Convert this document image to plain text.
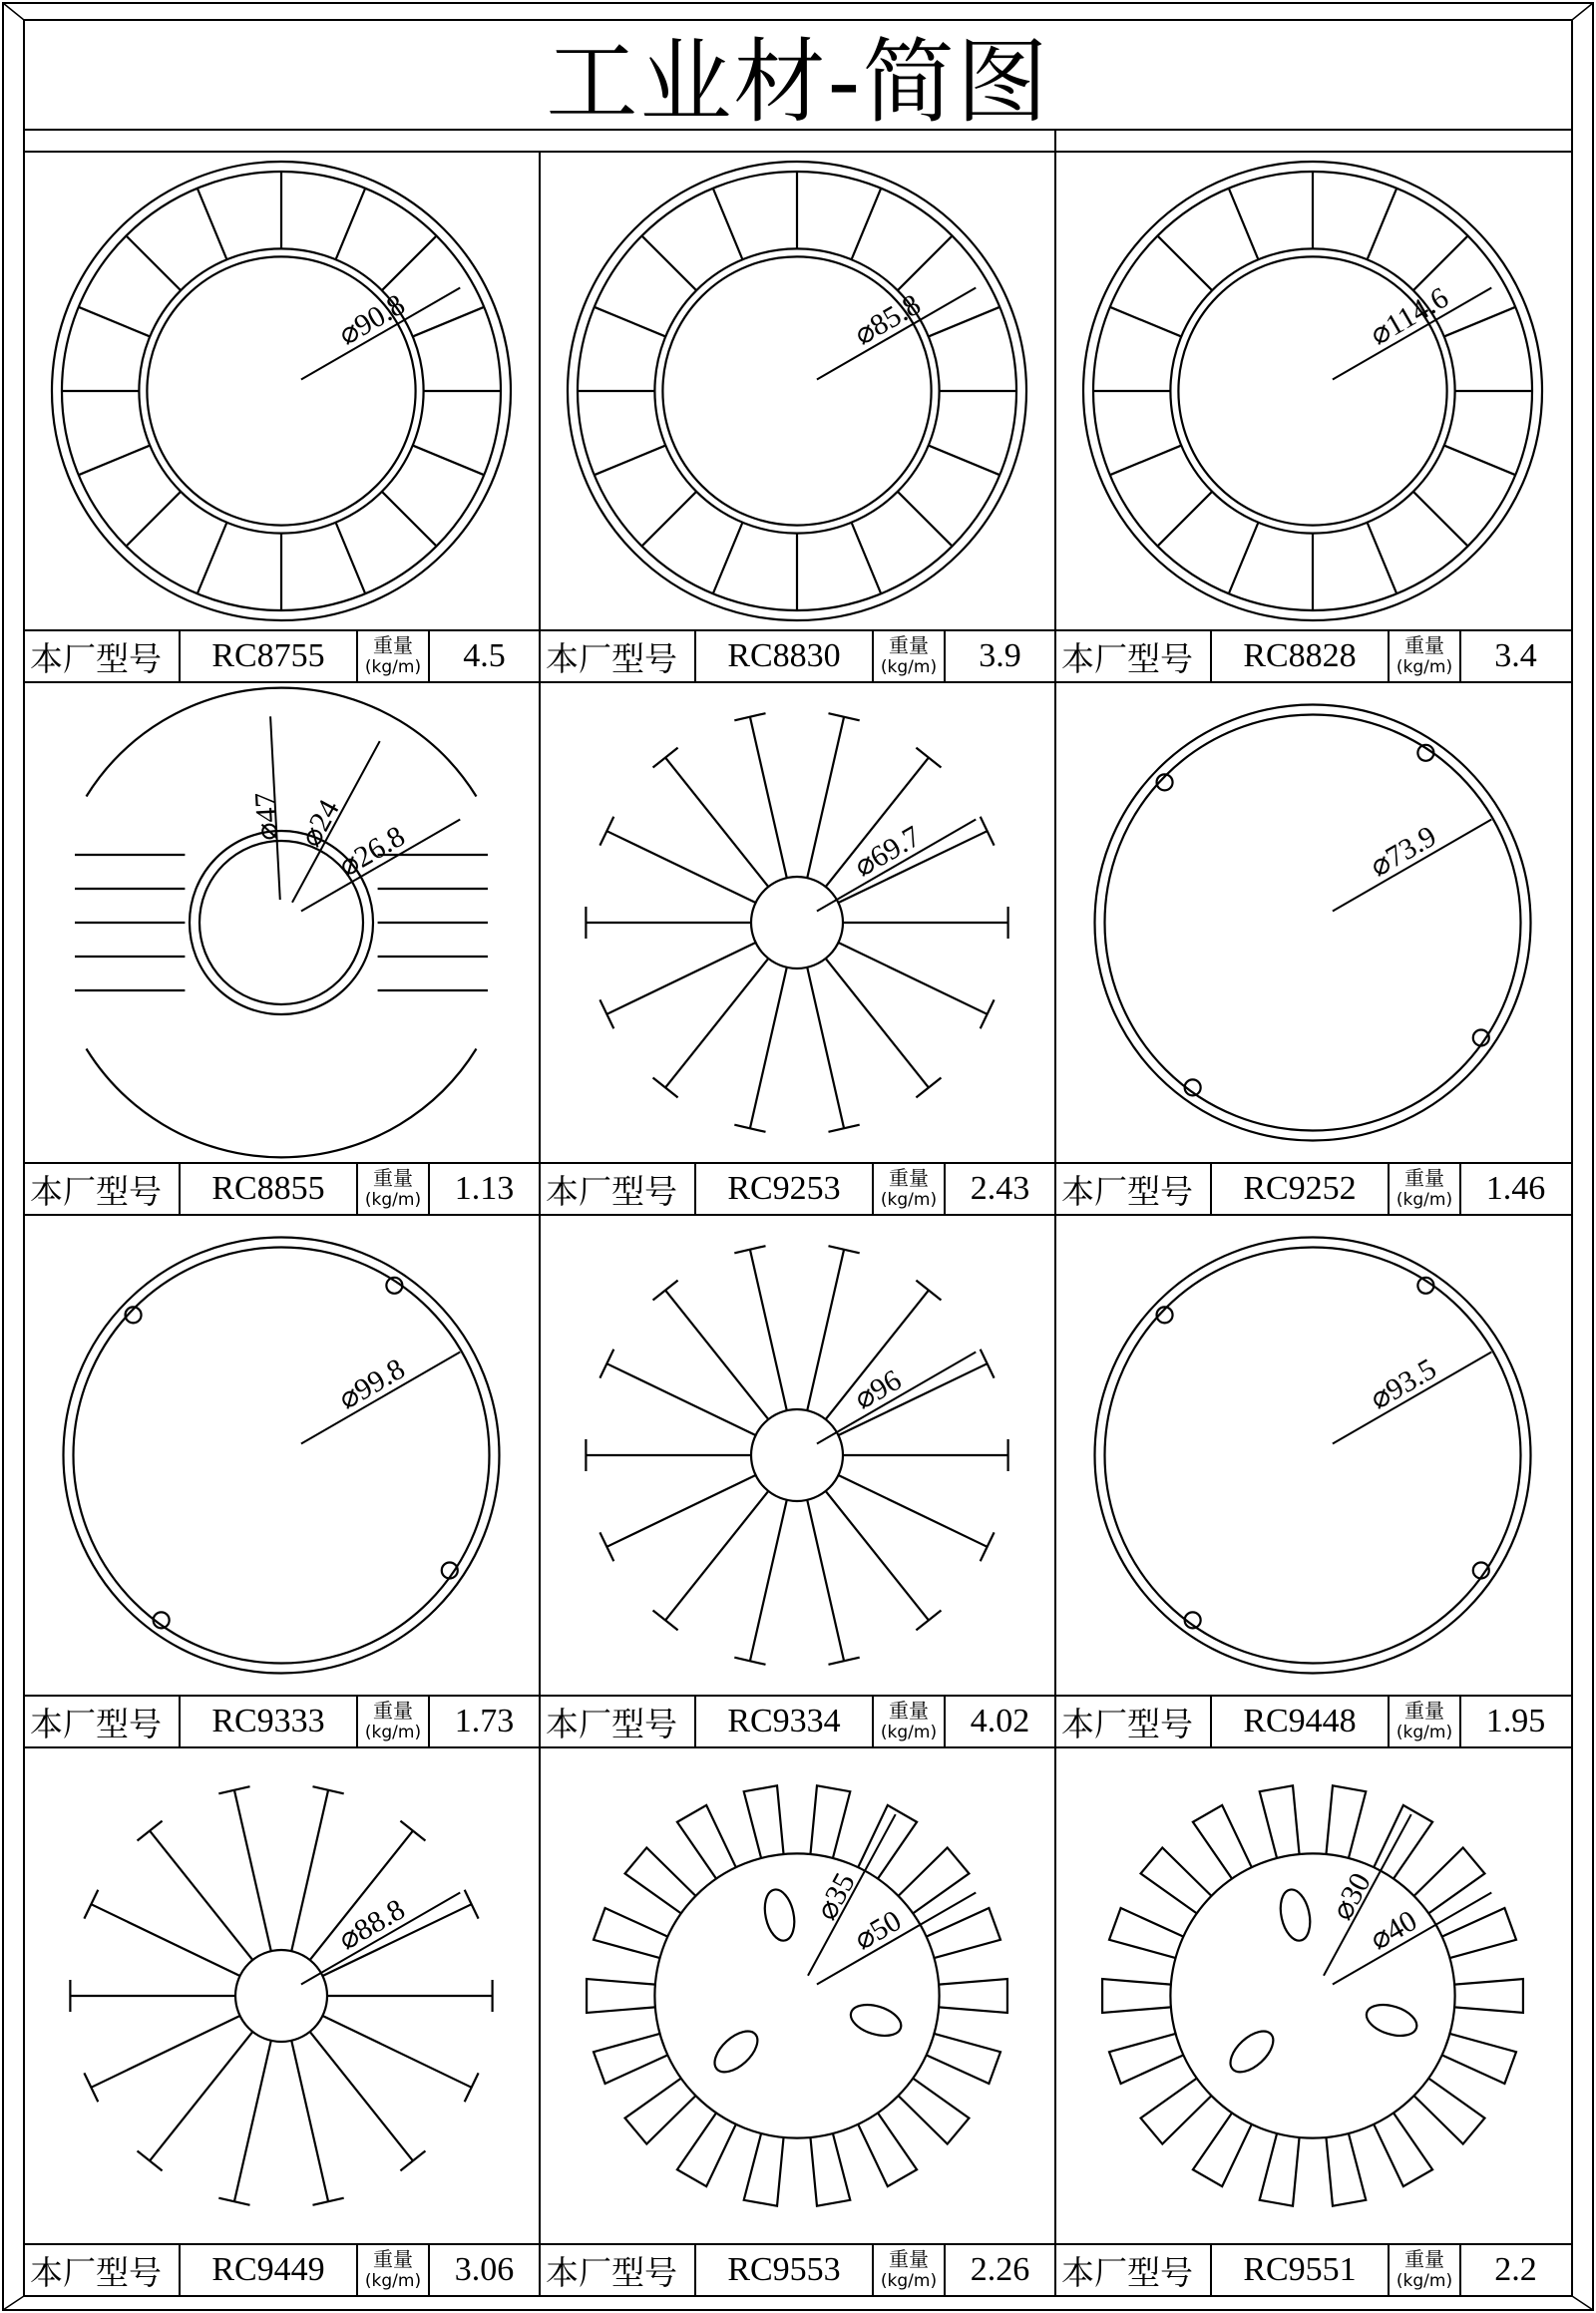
工业材-简图
⌀90.8
本厂型号	RC8755	重量
(kg/m)	4.5
⌀85.8
本厂型号	RC8830	重量
(kg/m)	3.9
⌀114.6
本厂型号	RC8828	重量
(kg/m)	3.4
⌀26.8
⌀24
⌀47
本厂型号	RC8855	重量
(kg/m) 1.13
⌀69.7
本厂型号	RC9253	重量
(kg/m) 2.43
⌀73.9
本厂型号	RC9252	重量
(kg/m) 1.46
⌀99.8
本厂型号	RC9333	重量
(kg/m) 1.73
⌀96
本厂型号	RC9334	重量
(kg/m) 4.02
⌀93.5
本厂型号	RC9448	重量
(kg/m) 1.95
⌀88.8
本厂型号	RC9449	重量
(kg/m) 3.06
⌀50
⌀35
本厂型号	RC9553	重量
(kg/m) 2.26
⌀40
⌀30
本厂型号	RC9551	重量
(kg/m)	2.2
